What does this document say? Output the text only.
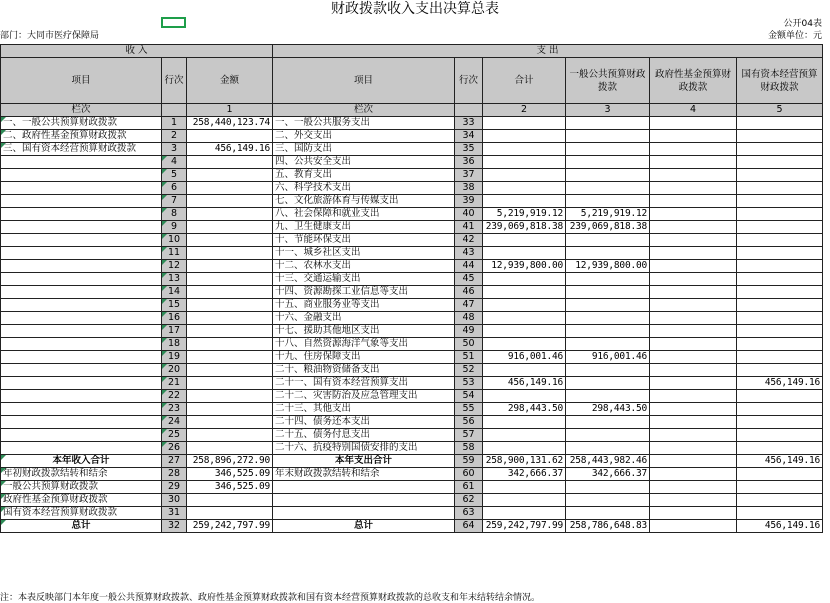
财政拨款收入支出决算总表
公开04表
部门：大同市医疗保障局	金额单位：元
收 入			支 出					
项目	行次	金额	项目	行次	合计	一般公共预算财政拨款	政府性基金预算财政拨款	国有资本经营预算财政拨款
栏次		1	栏次		2	3	4	5
一、一般公共预算财政拨款	1	258,440,123.74	一、一般公共服务支出	33				
二、政府性基金预算财政拨款	2		二、外交支出	34				
三、国有资本经营预算财政拨款	3	456,149.16	三、国防支出	35				
	4		四、公共安全支出	36				
	5		五、教育支出	37				
	6		六、科学技术支出	38				
	7		七、文化旅游体育与传媒支出	39				
	8		八、社会保障和就业支出	40	5,219,919.12	5,219,919.12		
	9		九、卫生健康支出	41	239,069,818.38	239,069,818.38		
	10		十、节能环保支出	42				
	11		十一、城乡社区支出	43				
	12		十二、农林水支出	44	12,939,800.00	12,939,800.00		
	13		十三、交通运输支出	45				
	14		十四、资源勘探工业信息等支出	46				
	15		十五、商业服务业等支出	47				
	16		十六、金融支出	48				
	17		十七、援助其他地区支出	49				
	18		十八、自然资源海洋气象等支出	50				
	19		十九、住房保障支出	51	916,001.46	916,001.46		
	20		二十、粮油物资储备支出	52				
	21		二十一、国有资本经营预算支出	53	456,149.16			456,149.16
	22		二十二、灾害防治及应急管理支出	54				
	23		二十三、其他支出	55	298,443.50	298,443.50		
	24		二十四、债务还本支出	56				
	25		二十五、债务付息支出	57				
	26		二十六、抗疫特别国债安排的支出	58				
本年收入合计	27	258,896,272.90	本年支出合计	59	258,900,131.62	258,443,982.46		456,149.16
年初财政拨款结转和结余	28	346,525.09	年末财政拨款结转和结余	60	342,666.37	342,666.37		
一般公共预算财政拨款	29	346,525.09		61				
政府性基金预算财政拨款	30			62				
国有资本经营预算财政拨款	31			63				
总计	32	259,242,797.99	总计	64	259,242,797.99	258,786,648.83		456,149.16
注：本表反映部门本年度一般公共预算财政拨款、政府性基金预算财政拨款和国有资本经营预算财政拨款的总收支和年末结转结余情况。
